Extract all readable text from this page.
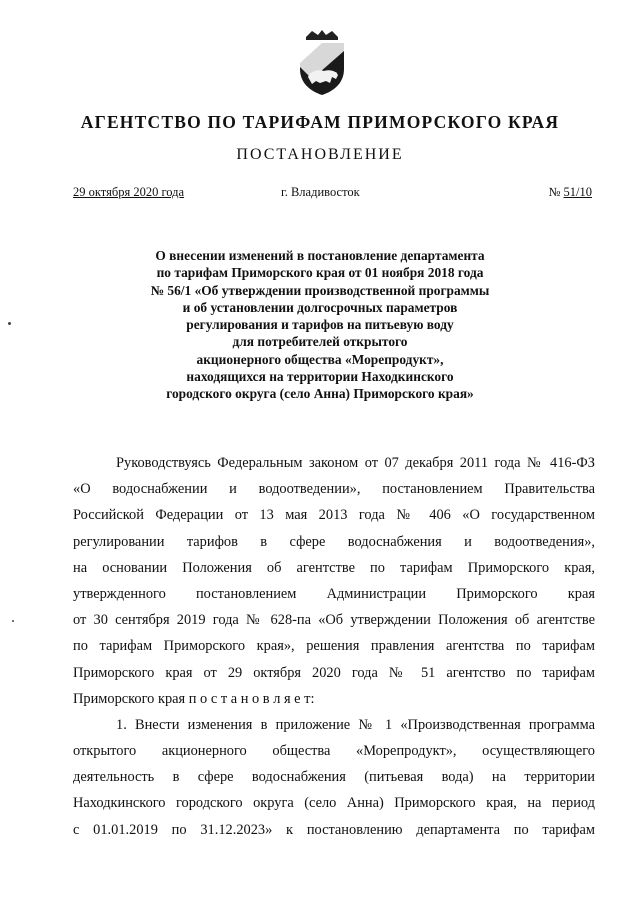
АГЕНТСТВО ПО ТАРИФАМ ПРИМОРСКОГО КРАЯ
ПОСТАНОВЛЕНИЕ
29 октября 2020 года	г. Владивосток	№ 51/10
О внесении изменений в постановление департамента
по тарифам Приморского края от 01 ноября 2018 года
№ 56/1 «Об утверждении производственной программы
и об установлении долгосрочных параметров
регулирования и тарифов на питьевую воду
для потребителей открытого
акционерного общества «Морепродукт»,
находящихся на территории Находкинского
городского округа (село Анна) Приморского края»
Руководствуясь Федеральным законом от 07 декабря 2011 года № 416-ФЗ
«О водоснабжении и водоотведении», постановлением Правительства
Российской Федерации от 13 мая 2013 года № 406 «О государственном
регулировании тарифов в сфере водоснабжения и водоотведения»,
на основании Положения об агентстве по тарифам Приморского края,
утвержденного постановлением Администрации Приморского края
от 30 сентября 2019 года № 628-па «Об утверждении Положения об агентстве
по тарифам Приморского края», решения правления агентства по тарифам
Приморского края от 29 октября 2020 года № 51 агентство по тарифам
Приморского края п о с т а н о в л я е т:
1. Внести изменения в приложение № 1 «Производственная программа
открытого акционерного общества «Морепродукт», осуществляющего
деятельность в сфере водоснабжения (питьевая вода) на территории
Находкинского городского округа (село Анна) Приморского края, на период
с 01.01.2019 по 31.12.2023» к постановлению департамента по тарифам
